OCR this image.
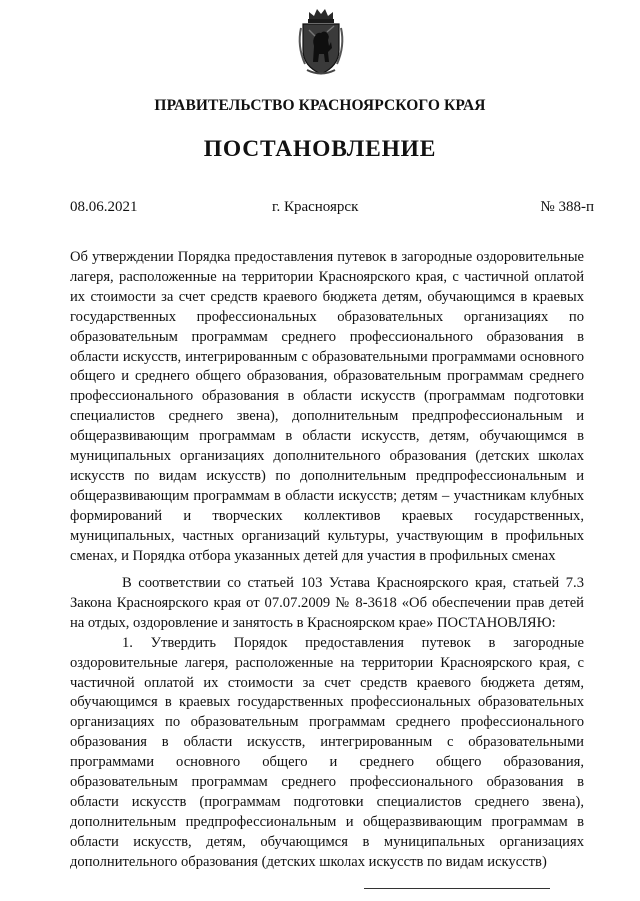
ПРАВИТЕЛЬСТВО КРАСНОЯРСКОГО КРАЯ
ПОСТАНОВЛЕНИЕ
08.06.2021	г. Красноярск	№ 388-п
Об утверждении Порядка предоставления путевок в загородные оздоровительные лагеря, расположенные на территории Красноярского края, с частичной оплатой их стоимости за счет средств краевого бюджета детям, обучающимся в краевых государственных профессиональных образовательных организациях по образовательным программам среднего профессионального образования в области искусств, интегрированным с образовательными программами основного общего и среднего общего образования, образовательным программам среднего профессионального образования в области искусств (программам подготовки специалистов среднего звена), дополнительным предпрофессиональным и общеразвивающим программам в области искусств, детям, обучающимся в муниципальных организациях дополнительного образования (детских школах искусств по видам искусств) по дополнительным предпрофессиональным и общеразвивающим программам в области искусств; детям – участникам клубных формирований и творческих коллективов краевых государственных, муниципальных, частных организаций культуры, участвующим в профильных сменах, и Порядка отбора указанных детей для участия в профильных сменах

В соответствии со статьей 103 Устава Красноярского края, статьей 7.3 Закона Красноярского края от 07.07.2009 № 8-3618 «Об обеспечении прав детей на отдых, оздоровление и занятость в Красноярском крае» ПОСТАНОВЛЯЮ:

1. Утвердить Порядок предоставления путевок в загородные оздоровительные лагеря, расположенные на территории Красноярского края, с частичной оплатой их стоимости за счет средств краевого бюджета детям, обучающимся в краевых государственных профессиональных образовательных организациях по образовательным программам среднего профессионального образования в области искусств, интегрированным с образовательными программами основного общего и среднего общего образования, образовательным программам среднего профессионального образования в области искусств (программам подготовки специалистов среднего звена), дополнительным предпрофессиональным и общеразвивающим программам в области искусств, детям, обучающимся в муниципальных организациях дополнительного образования (детских школах искусств по видам искусств)
